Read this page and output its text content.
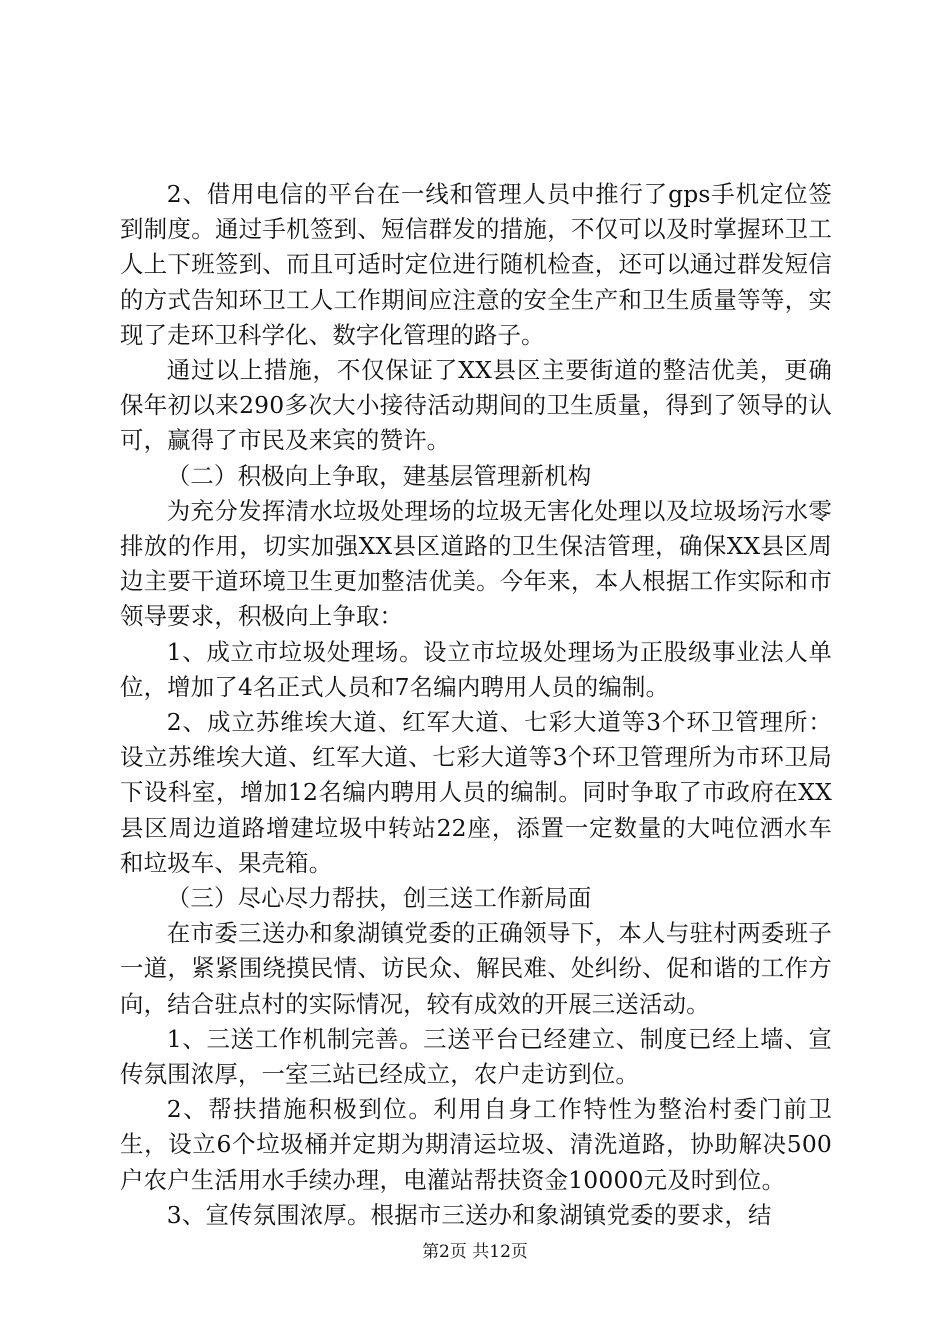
2、借用电信的平台在一线和管理人员中推行了gps手机定位签到制度。通过手机签到、短信群发的措施，不仅可以及时掌握环卫工人上下班签到、而且可适时定位进行随机检查，还可以通过群发短信的方式告知环卫工人工作期间应注意的安全生产和卫生质量等等，实现了走环卫科学化、数字化管理的路子。

通过以上措施，不仅保证了XX县区主要街道的整洁优美，更确保年初以来290多次大小接待活动期间的卫生质量，得到了领导的认可，赢得了市民及来宾的赞许。

（二）积极向上争取，建基层管理新机构

为充分发挥清水垃圾处理场的垃圾无害化处理以及垃圾场污水零排放的作用，切实加强XX县区道路的卫生保洁管理，确保XX县区周边主要干道环境卫生更加整洁优美。今年来，本人根据工作实际和市领导要求，积极向上争取：

1、成立市垃圾处理场。设立市垃圾处理场为正股级事业法人单位，增加了4名正式人员和7名编内聘用人员的编制。

2、成立苏维埃大道、红军大道、七彩大道等3个环卫管理所：设立苏维埃大道、红军大道、七彩大道等3个环卫管理所为市环卫局下设科室，增加12名编内聘用人员的编制。同时争取了市政府在XX县区周边道路增建垃圾中转站22座，添置一定数量的大吨位洒水车和垃圾车、果壳箱。

（三）尽心尽力帮扶，创三送工作新局面

在市委三送办和象湖镇党委的正确领导下，本人与驻村两委班子一道，紧紧围绕摸民情、访民众、解民难、处纠纷、促和谐的工作方向，结合驻点村的实际情况，较有成效的开展三送活动。

1、三送工作机制完善。三送平台已经建立、制度已经上墙、宣传氛围浓厚，一室三站已经成立，农户走访到位。

2、帮扶措施积极到位。利用自身工作特性为整治村委门前卫生，设立6个垃圾桶并定期为期清运垃圾、清洗道路，协助解决500户农户生活用水手续办理，电灌站帮扶资金10000元及时到位。

3、宣传氛围浓厚。根据市三送办和象湖镇党委的要求，结

第2页 共12页
